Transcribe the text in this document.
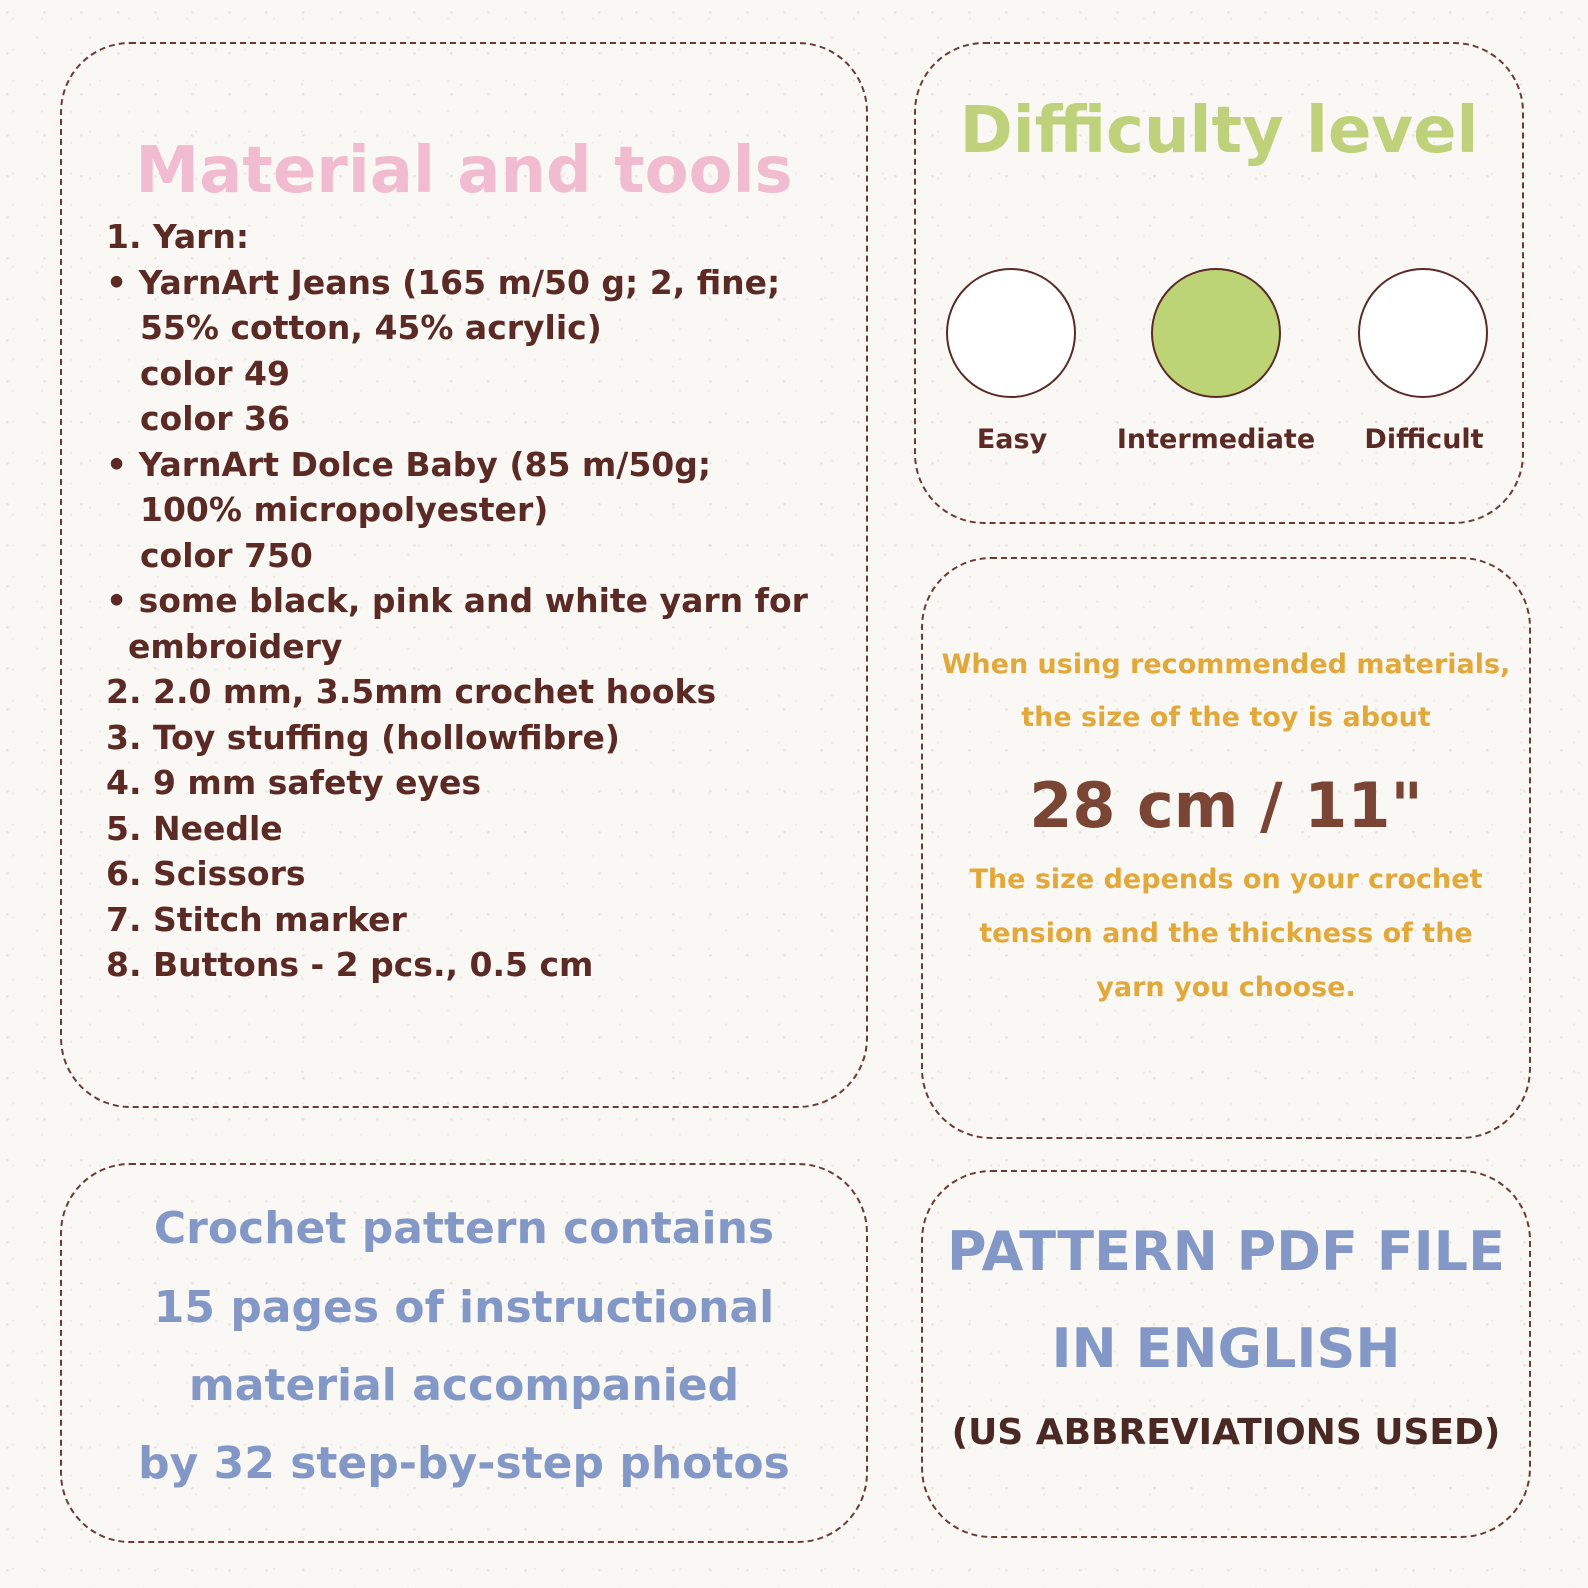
Material and tools
1. Yarn:
• YarnArt Jeans (165 m/50 g; 2, fine;
55% cotton, 45% acrylic)
color 49
color 36
• YarnArt Dolce Baby (85 m/50g;
100% micropolyester)
color 750
• some black, pink and white yarn for
embroidery
2. 2.0 mm, 3.5mm crochet hooks
3. Toy stuffing (hollowfibre)
4. 9 mm safety eyes
5. Needle
6. Scissors
7. Stitch marker
8. Buttons - 2 pcs., 0.5 cm
Difficulty level
Easy	Intermediate	Difficult

When using recommended materials,

the size of the toy is about

28 cm / 11"

The size depends on your crochet

tension and the thickness of the

yarn you choose.

Crochet pattern contains

15 pages of instructional

material accompanied

by 32 step-by-step photos

PATTERN PDF FILE

IN ENGLISH

(US ABBREVIATIONS USED)
